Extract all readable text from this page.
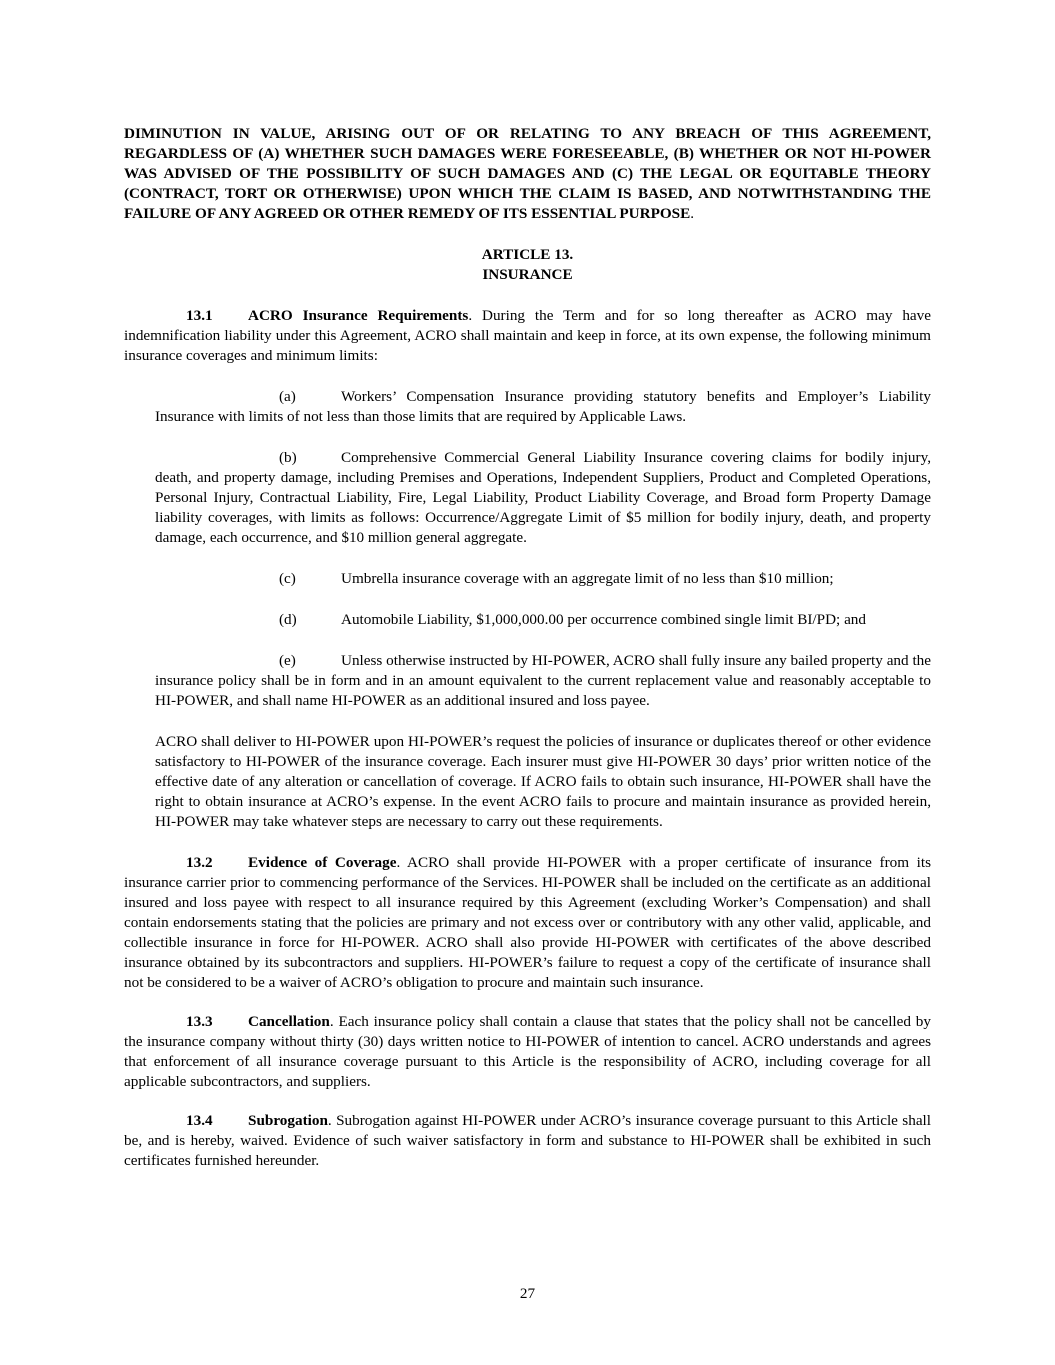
DIMINUTION IN VALUE, ARISING OUT OF OR RELATING TO ANY BREACH OF THIS AGREEMENT, REGARDLESS OF (A) WHETHER SUCH DAMAGES WERE FORESEEABLE, (B) WHETHER OR NOT HI-POWER WAS ADVISED OF THE POSSIBILITY OF SUCH DAMAGES AND (C) THE LEGAL OR EQUITABLE THEORY (CONTRACT, TORT OR OTHERWISE) UPON WHICH THE CLAIM IS BASED, AND NOTWITHSTANDING THE FAILURE OF ANY AGREED OR OTHER REMEDY OF ITS ESSENTIAL PURPOSE.

ARTICLE 13.
INSURANCE

13.1 ACRO Insurance Requirements. During the Term and for so long thereafter as ACRO may have indemnification liability under this Agreement, ACRO shall maintain and keep in force, at its own expense, the following minimum insurance coverages and minimum limits:

(a)	Workers’ Compensation Insurance providing statutory benefits and Employer’s Liability Insurance with limits of not less than those limits that are required by Applicable Laws.

(b)	Comprehensive Commercial General Liability Insurance covering claims for bodily injury, death, and property damage, including Premises and Operations, Independent Suppliers, Product and Completed Operations, Personal Injury, Contractual Liability, Fire, Legal Liability, Product Liability Coverage, and Broad form Property Damage liability coverages, with limits as follows: Occurrence/Aggregate Limit of $5 million for bodily injury, death, and property damage, each occurrence, and $10 million general aggregate.

(c)	Umbrella insurance coverage with an aggregate limit of no less than $10 million;

(d)	Automobile Liability, $1,000,000.00 per occurrence combined single limit BI/PD; and

(e)	Unless otherwise instructed by HI-POWER, ACRO shall fully insure any bailed property and the insurance policy shall be in form and in an amount equivalent to the current replacement value and reasonably acceptable to HI-POWER, and shall name HI-POWER as an additional insured and loss payee.

ACRO shall deliver to HI-POWER upon HI-POWER’s request the policies of insurance or duplicates thereof or other evidence satisfactory to HI-POWER of the insurance coverage. Each insurer must give HI-POWER 30 days’ prior written notice of the effective date of any alteration or cancellation of coverage. If ACRO fails to obtain such insurance, HI-POWER shall have the right to obtain insurance at ACRO’s expense. In the event ACRO fails to procure and maintain insurance as provided herein, HI-POWER may take whatever steps are necessary to carry out these requirements.

13.2 Evidence of Coverage. ACRO shall provide HI-POWER with a proper certificate of insurance from its insurance carrier prior to commencing performance of the Services. HI-POWER shall be included on the certificate as an additional insured and loss payee with respect to all insurance required by this Agreement (excluding Worker’s Compensation) and shall contain endorsements stating that the policies are primary and not excess over or contributory with any other valid, applicable, and collectible insurance in force for HI-POWER. ACRO shall also provide HI-POWER with certificates of the above described insurance obtained by its subcontractors and suppliers. HI-POWER’s failure to request a copy of the certificate of insurance shall not be considered to be a waiver of ACRO’s obligation to procure and maintain such insurance.

13.3 Cancellation. Each insurance policy shall contain a clause that states that the policy shall not be cancelled by the insurance company without thirty (30) days written notice to HI-POWER of intention to cancel. ACRO understands and agrees that enforcement of all insurance coverage pursuant to this Article is the responsibility of ACRO, including coverage for all applicable subcontractors, and suppliers.

13.4 Subrogation. Subrogation against HI-POWER under ACRO’s insurance coverage pursuant to this Article shall be, and is hereby, waived. Evidence of such waiver satisfactory in form and substance to HI-POWER shall be exhibited in such certificates furnished hereunder.

27
